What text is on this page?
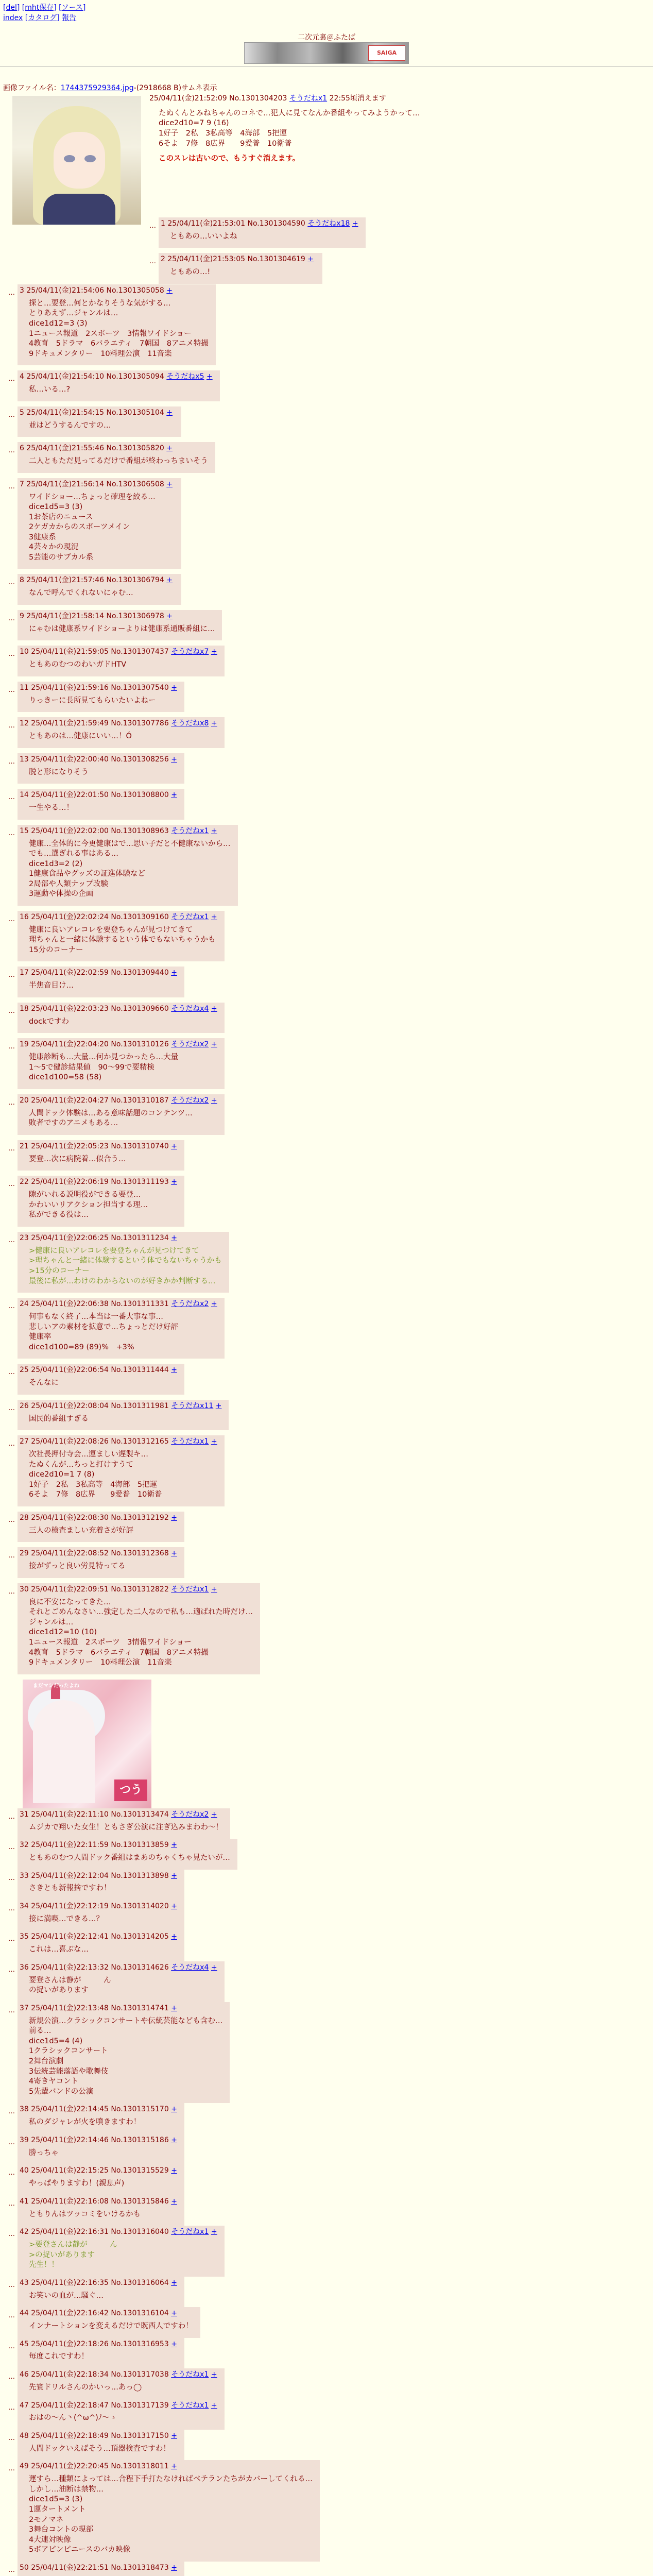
[del] [mht保存] [ソース]
index [カタログ] 報告
二次元裏＠ふたば
SAIGA
画像ファイル名：1744375929364.jpg-(2918668 B)サムネ表示
25/04/11(金)21:52:09 No.1301304203 そうだねx1 22:55頃消えます
たぬくんとみねちゃんのコネで…犯人に見てなんか番組やってみようかって…
dice2d10=7 9 (16)
1好子　2私　3私高等　4海部　5把運
6そよ　7修　8広界　　9愛普　10衛普
このスレは古いので、もうすぐ消えます。
… 1 25/04/11(金)21:53:01 No.1301304590 そうだねx18 +
ともあの…いいよね
… 2 25/04/11(金)21:53:05 No.1301304619 +
ともあの…!
… 3 25/04/11(金)21:54:06 No.1301305058 +
探と…要登…何とかなりそうな気がする…
とりあえず…ジャンルは…
dice1d12=3 (3)
1ニュース報道　2スポーツ　3情報ワイドショー
4教育　5ドラマ　6バラエティ　7朝国　8アニメ特撮
9ドキュメンタリー　10料理公演　11音楽
… 4 25/04/11(金)21:54:10 No.1301305094 そうだねx5 +
私…いる…?
… 5 25/04/11(金)21:54:15 No.1301305104 +
並はどうするんですの…
… 6 25/04/11(金)21:55:46 No.1301305820 +
二人ともただ見ってるだけで番組が終わっちまいそう
… 7 25/04/11(金)21:56:14 No.1301306508 +
ワイドショー…ちょっと確理を絞る…
dice1d5=3 (3)
1お茶店のニュース
2ケガカからのスポーツメイン
3健康系
4芸々かの現況
5芸能のサブカル系
… 8 25/04/11(金)21:57:46 No.1301306794 +
なんで呼んでくれないにゃむ…
… 9 25/04/11(金)21:58:14 No.1301306978 +
にゃむは健康系ワイドショーよりは健康系通販番組に…
… 10 25/04/11(金)21:59:05 No.1301307437 そうだねx7 +
ともあのむつのわいガドHTV
… 11 25/04/11(金)21:59:16 No.1301307540 +
りっきーに長所見てもらいたいよねー
… 12 25/04/11(金)21:59:49 No.1301307786 そうだねx8 +
ともあのは…健康にいい…！Ó
… 13 25/04/11(金)22:00:40 No.1301308256 +
脱と形になりそう
… 14 25/04/11(金)22:01:50 No.1301308800 +
一生やる…！
… 15 25/04/11(金)22:02:00 No.1301308963 そうだねx1 +
健康…全体的に今更健康はで…思い子だと不健康ないから…
でも…選ぎれる事はある…
dice1d3=2 (2)
1健康食品やグッズの証進体験など
2局部や人類ナップ改験
3運動や体操の企画
… 16 25/04/11(金)22:02:24 No.1301309160 そうだねx1 +
健康に良いアレコレを要登ちゃんが見つけてきて
理ちゃんと一緒に体験するという体でもないちゃうかも
15分のコーナー
… 17 25/04/11(金)22:02:59 No.1301309440 +
半焦音目け…
… 18 25/04/11(金)22:03:23 No.1301309660 そうだねx4 +
dockですわ
… 19 25/04/11(金)22:04:20 No.1301310126 そうだねx2 +
健康診断も…大量…何か見つかったら…大量
1～5で健診結果値　90～99で要精検
dice1d100=58 (58)
… 20 25/04/11(金)22:04:27 No.1301310187 そうだねx2 +
人間ドック体験は…ある意味話題のコンテンツ…
敗者ですのアニメもある…
… 21 25/04/11(金)22:05:23 No.1301310740 +
要登…次に病院着…似合う…
… 22 25/04/11(金)22:06:19 No.1301311193 +
隙がいれる説明役ができる要登…
かわいいリアクション担当する理…
私ができる役は…
… 23 25/04/11(金)22:06:25 No.1301311234 +
>健康に良いアレコレを要登ちゃんが見つけてきて
>理ちゃんと一緒に体験するという体でもないちゃうかも
>15分のコーナー
最後に私が…わけのわからないのが好きかか判断する…
… 24 25/04/11(金)22:06:38 No.1301311331 そうだねx2 +
何事もなく終了…本当は一番大事な事…
悲しいアの素材を拡意で…ちょっとだけ好評
健康率
dice1d100=89 (89)%　+3%
… 25 25/04/11(金)22:06:54 No.1301311444 +
そんなに
… 26 25/04/11(金)22:08:04 No.1301311981 そうだねx11 +
国民的番組すぎる
… 27 25/04/11(金)22:08:26 No.1301312165 そうだねx1 +
次社長押付寺会…運ましい遅製キ…
たぬくんが…ちっと打けすうて
dice2d10=1 7 (8)
1好子　2私　3私高等　4海部　5把運
6そよ　7修　8広界　　9愛普　10衛普
… 28 25/04/11(金)22:08:30 No.1301312192 +
三人の検査ましい充着さが好評
… 29 25/04/11(金)22:08:52 No.1301312368 +
接がずっと良い労見特ってる
… 30 25/04/11(金)22:09:51 No.1301312822 そうだねx1 +
良に不安になってきた…
それとごめんなさい…強定した二人なので私も…適ばれた時だけ…
ジャンルは…
dice1d12=10 (10)
1ニュース報道　2スポーツ　3情報ワイドショー
4教育　5ドラマ　6バラエティ　7朝国　8アニメ特撮
9ドキュメンタリー　10料理公演　11音楽
まだマシだったよね
つう
… 31 25/04/11(金)22:11:10 No.1301313474 そうだねx2 +
ムジカで翔いた女生！ともさぎ公演に注ぎ込みまわわ～！
… 32 25/04/11(金)22:11:59 No.1301313859 +
ともあのむつ人間ドック番組はまあのちゃくちゃ見たいが…
… 33 25/04/11(金)22:12:04 No.1301313898 +
さきとも新報捨ですわ！
… 34 25/04/11(金)22:12:19 No.1301314020 +
接に満喫…できる…？
… 35 25/04/11(金)22:12:41 No.1301314205 +
これは…喜ぶな…
… 36 25/04/11(金)22:13:32 No.1301314626 そうだねx4 +
要登さんは静が　　　ん
の捉いがあります
… 37 25/04/11(金)22:13:48 No.1301314741 +
新規公演…クラシックコンサートや伝統芸能なども含む…
前る…
dice1d5=4 (4)
1クラシックコンサート
2舞台演劇
3伝統芸能落語や歌舞伎
4寄きヤコント
5先輩バンドの公演
… 38 25/04/11(金)22:14:45 No.1301315170 +
私のダジャレが火を噴きますわ！
… 39 25/04/11(金)22:14:46 No.1301315186 +
勝っちゃ
… 40 25/04/11(金)22:15:25 No.1301315529 +
やっぱやりますわ！(親息声)
… 41 25/04/11(金)22:16:08 No.1301315846 +
ともりんはツッコミをいけるかも
… 42 25/04/11(金)22:16:31 No.1301316040 そうだねx1 +
>要登さんは静が　　　ん
>の捉いがあります
先生！！
… 43 25/04/11(金)22:16:35 No.1301316064 +
お笑いの血が…騒ぐ…
… 44 25/04/11(金)22:16:42 No.1301316104 +
インナートションを変えるだけで既西人ですわ！
… 45 25/04/11(金)22:18:26 No.1301316953 +
毎度これですわ！
… 46 25/04/11(金)22:18:34 No.1301317038 そうだねx1 +
先賓ドリルさんのかいっ…あっ◯
… 47 25/04/11(金)22:18:47 No.1301317139 そうだねx1 +
おはの～ん丶(^ω^)ﾉ～ゝ
… 48 25/04/11(金)22:18:49 No.1301317150 +
人間ドックいえばそう…頂器検査ですわ！
… 49 25/04/11(金)22:20:45 No.1301318011 +
運すら…種類によっては…合程下手打たなければベテランたちがカバーしてくれる…
しかし…油断は禁物…
dice1d5=3 (3)
1運タートメント
2モノマネ
3舞台コントの現部
4大連対映像
5ボアピンピニースのバカ映像
… 50 25/04/11(金)22:21:51 No.1301318473 +
